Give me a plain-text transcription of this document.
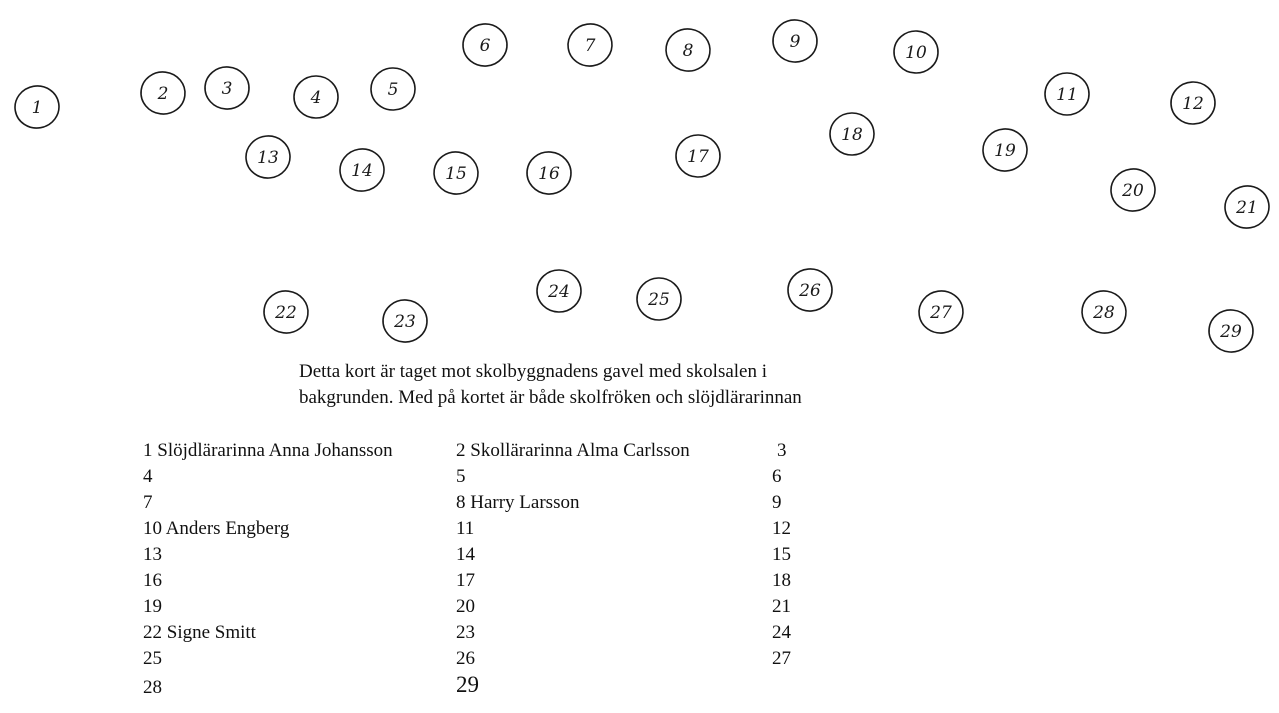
1
2	3	4	5
6	7	8	9
10
11	12
13
14	15	16
17
18
19
20
21
22	23
24	25	26
27	28
29

Detta kort är taget mot skolbyggnadens gavel med skolsalen i
bakgrunden. Med på kortet är både skolfröken och slöjdlärarinnan

1 Slöjdlärarinna Anna Johansson	2 Skollärarinna Alma Carlsson	3
4	5	6
7	8 Harry Larsson	9
10 Anders Engberg	11	12
13	14	15
16	17	18
19	20	21
22 Signe Smitt	23	24
25	26	27
28	29
